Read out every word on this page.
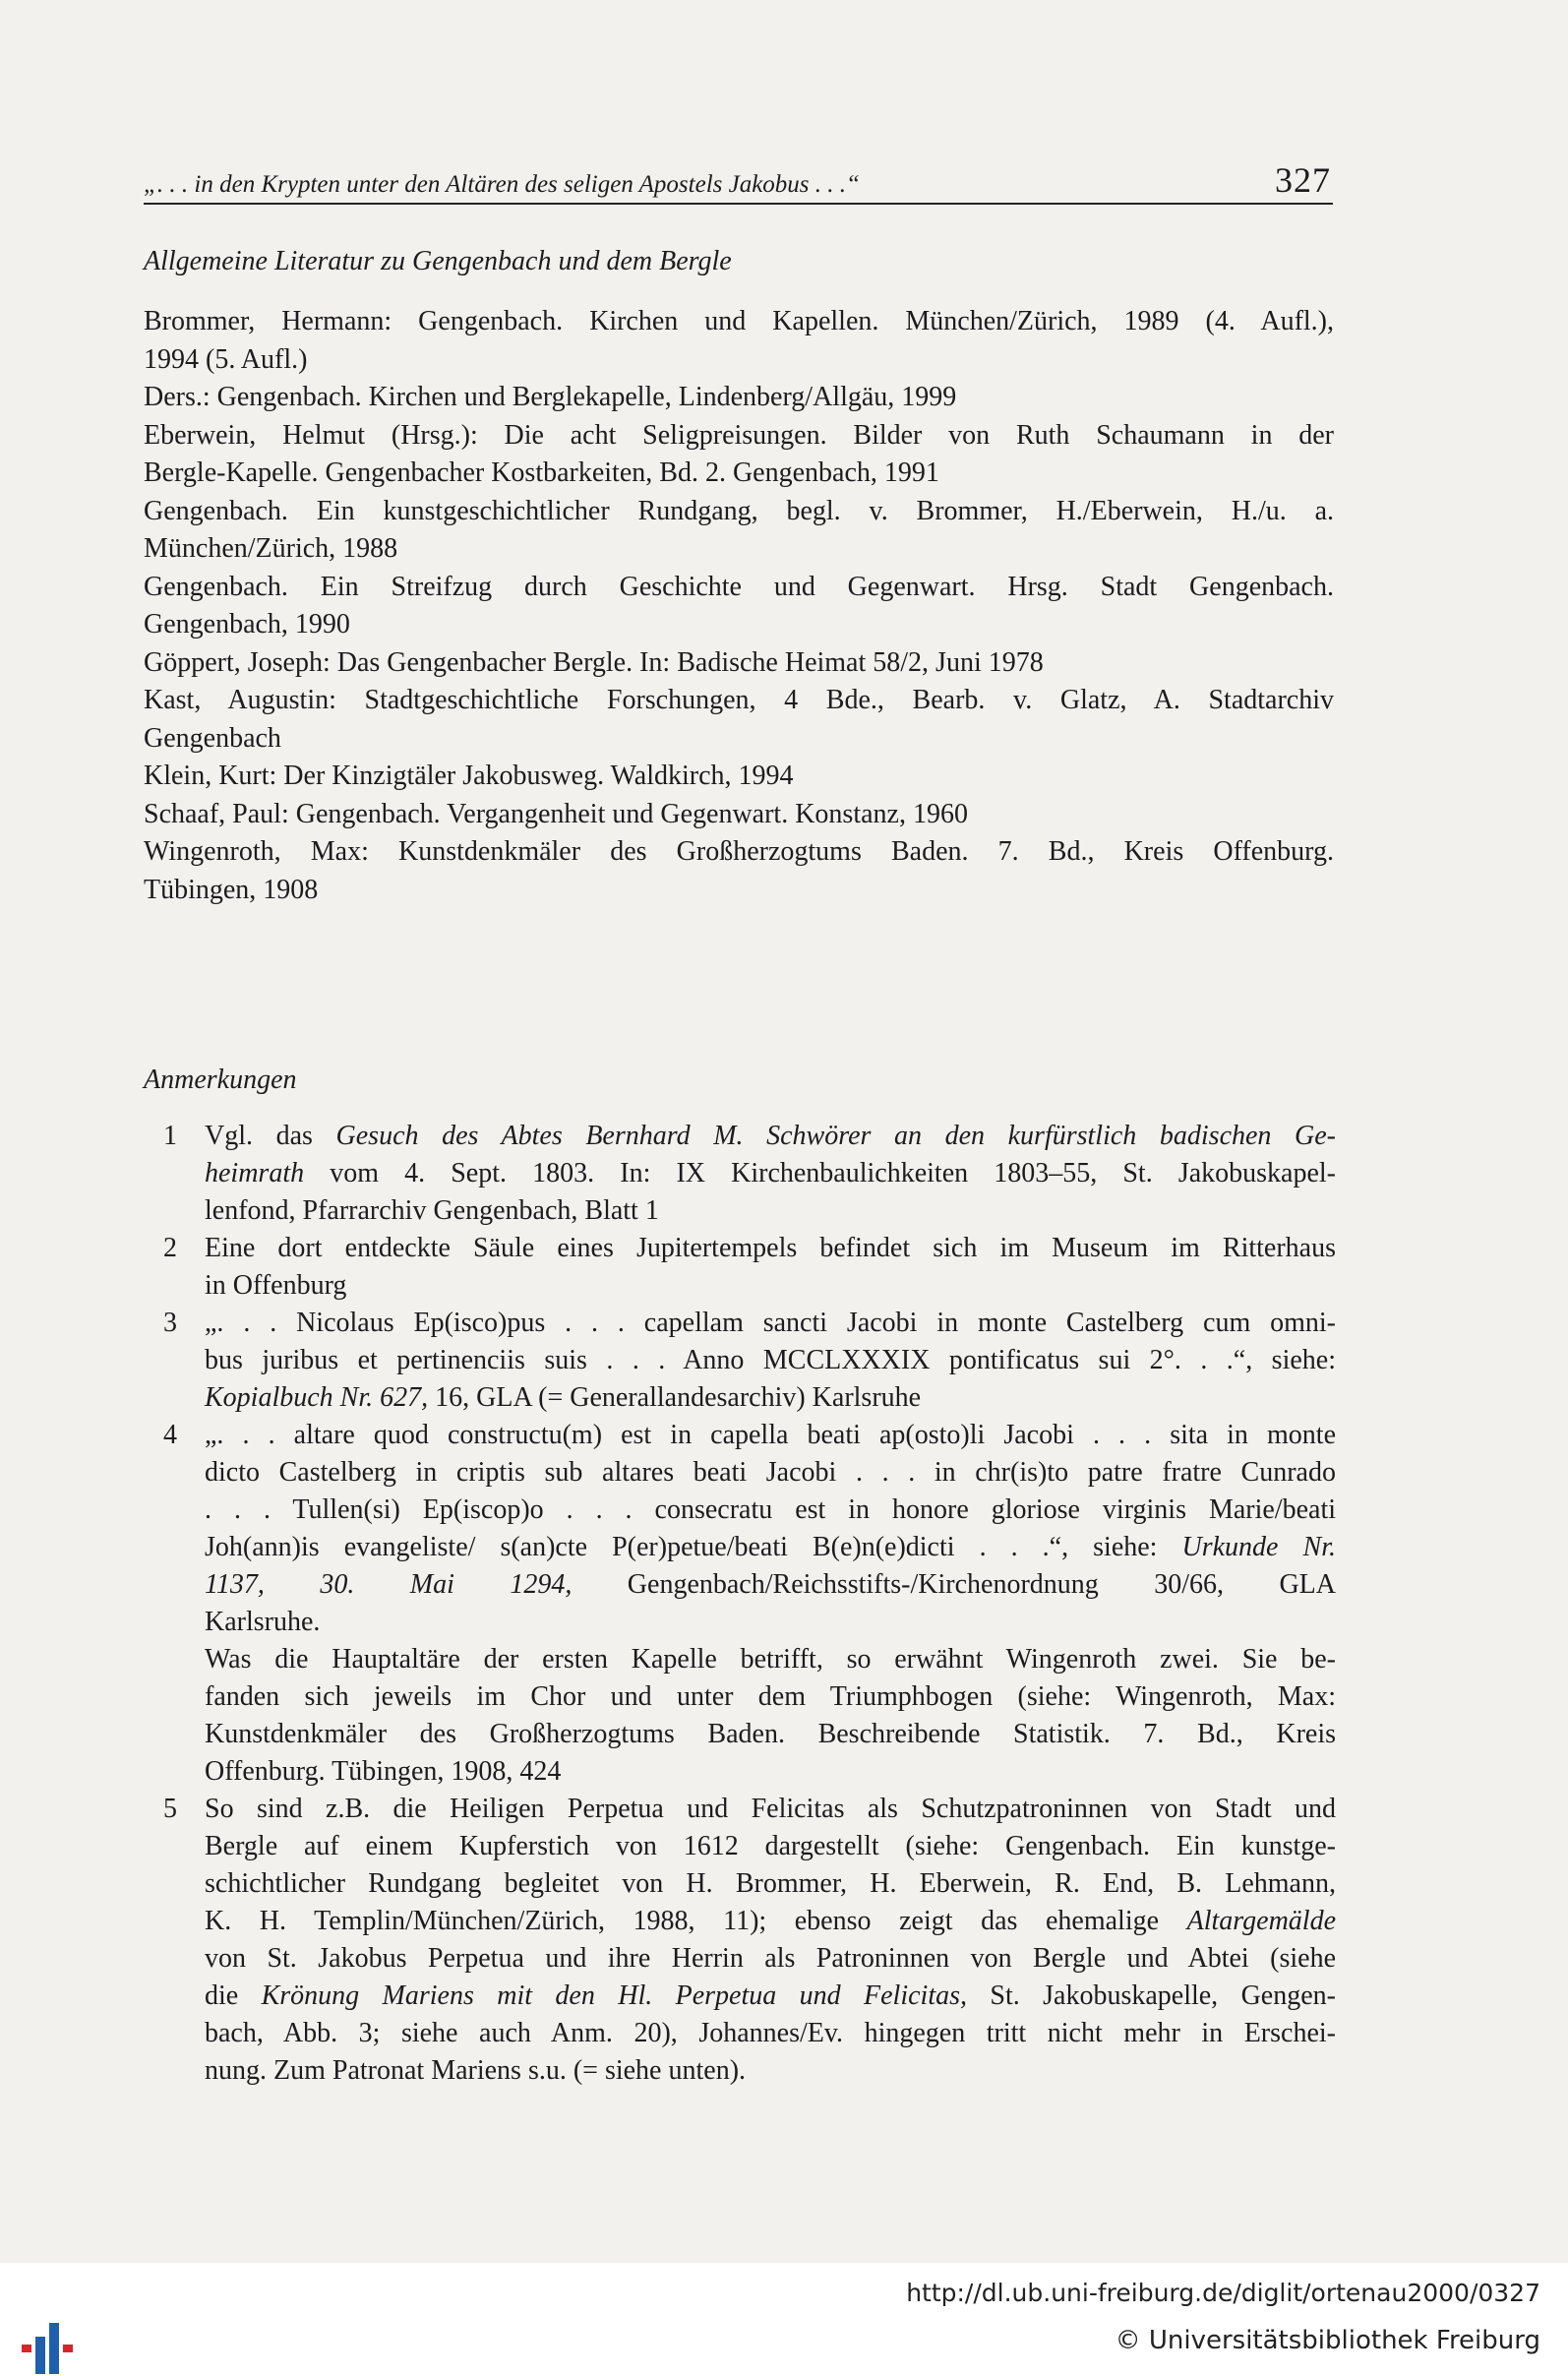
„. . . in den Krypten unter den Altären des seligen Apostels Jakobus . . .“	327
Allgemeine Literatur zu Gengenbach und dem Bergle
Brommer, Hermann: Gengenbach. Kirchen und Kapellen. München/Zürich, 1989 (4. Aufl.),
1994 (5. Aufl.)
Ders.: Gengenbach. Kirchen und Berglekapelle, Lindenberg/Allgäu, 1999
Eberwein, Helmut (Hrsg.): Die acht Seligpreisungen. Bilder von Ruth Schaumann in der
Bergle-Kapelle. Gengenbacher Kostbarkeiten, Bd. 2. Gengenbach, 1991
Gengenbach. Ein kunstgeschichtlicher Rundgang, begl. v. Brommer, H./Eberwein, H./u. a.
München/Zürich, 1988
Gengenbach. Ein Streifzug durch Geschichte und Gegenwart. Hrsg. Stadt Gengenbach.
Gengenbach, 1990
Göppert, Joseph: Das Gengenbacher Bergle. In: Badische Heimat 58/2, Juni 1978
Kast, Augustin: Stadtgeschichtliche Forschungen, 4 Bde., Bearb. v. Glatz, A. Stadtarchiv
Gengenbach
Klein, Kurt: Der Kinzigtäler Jakobusweg. Waldkirch, 1994
Schaaf, Paul: Gengenbach. Vergangenheit und Gegenwart. Konstanz, 1960
Wingenroth, Max: Kunstdenkmäler des Großherzogtums Baden. 7. Bd., Kreis Offenburg.
Tübingen, 1908
Anmerkungen
1 Vgl. das Gesuch des Abtes Bernhard M. Schwörer an den kurfürstlich badischen Ge-
heimrath vom 4. Sept. 1803. In: IX Kirchenbaulichkeiten 1803–55, St. Jakobuskapel-
lenfond, Pfarrarchiv Gengenbach, Blatt 1
2 Eine dort entdeckte Säule eines Jupitertempels befindet sich im Museum im Ritterhaus
in Offenburg
3 „. . . Nicolaus Ep(isco)pus . . . capellam sancti Jacobi in monte Castelberg cum omni-
bus juribus et pertinenciis suis . . . Anno MCCLXXXIX pontificatus sui 2°. . .“, siehe:
Kopialbuch Nr. 627, 16, GLA (= Generallandesarchiv) Karlsruhe
4 „. . . altare quod constructu(m) est in capella beati ap(osto)li Jacobi . . . sita in monte
dicto Castelberg in criptis sub altares beati Jacobi . . . in chr(is)to patre fratre Cunrado
. . . Tullen(si) Ep(iscop)o . . . consecratu est in honore gloriose virginis Marie/beati
Joh(ann)is evangeliste/ s(an)cte P(er)petue/beati B(e)n(e)dicti . . .“, siehe: Urkunde Nr.
1137, 30. Mai 1294, Gengenbach/Reichsstifts-/Kirchenordnung 30/66, GLA
Karlsruhe.
Was die Hauptaltäre der ersten Kapelle betrifft, so erwähnt Wingenroth zwei. Sie be-
fanden sich jeweils im Chor und unter dem Triumphbogen (siehe: Wingenroth, Max:
Kunstdenkmäler des Großherzogtums Baden. Beschreibende Statistik. 7. Bd., Kreis
Offenburg. Tübingen, 1908, 424
5 So sind z.B. die Heiligen Perpetua und Felicitas als Schutzpatroninnen von Stadt und
Bergle auf einem Kupferstich von 1612 dargestellt (siehe: Gengenbach. Ein kunstge-
schichtlicher Rundgang begleitet von H. Brommer, H. Eberwein, R. End, B. Lehmann,
K. H. Templin/München/Zürich, 1988, 11); ebenso zeigt das ehemalige Altargemälde
von St. Jakobus Perpetua und ihre Herrin als Patroninnen von Bergle und Abtei (siehe
die Krönung Mariens mit den Hl. Perpetua und Felicitas, St. Jakobuskapelle, Gengen-
bach, Abb. 3; siehe auch Anm. 20), Johannes/Ev. hingegen tritt nicht mehr in Erschei-
nung. Zum Patronat Mariens s.u. (= siehe unten).
http://dl.ub.uni-freiburg.de/diglit/ortenau2000/0327
© Universitätsbibliothek Freiburg
